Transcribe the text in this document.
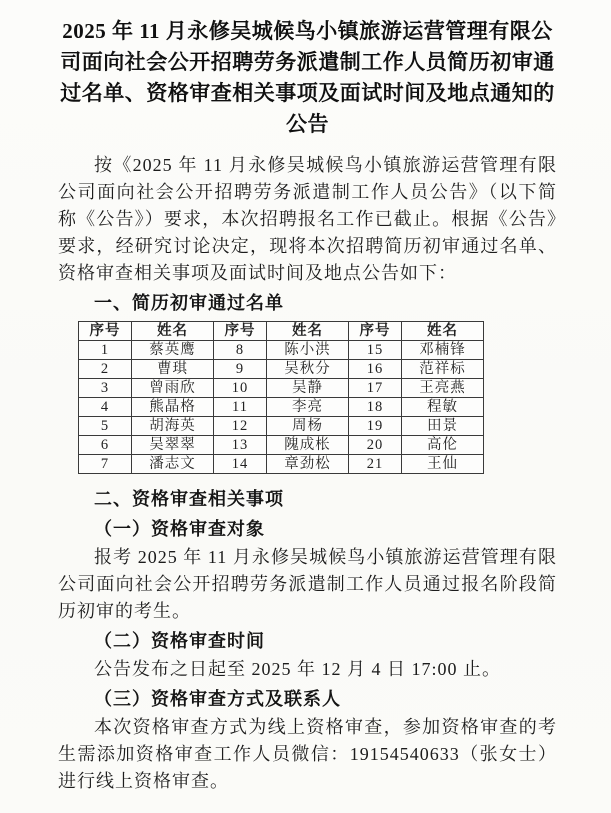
2025 年 11 月永修吴城候鸟小镇旅游运营管理有限公司面向社会公开招聘劳务派遣制工作人员简历初审通过名单、资格审查相关事项及面试时间及地点通知的公告

按《2025 年 11 月永修吴城候鸟小镇旅游运营管理有限公司面向社会公开招聘劳务派遣制工作人员公告》（以下简称《公告》）要求，本次招聘报名工作已截止。根据《公告》要求，经研究讨论决定，现将本次招聘简历初审通过名单、资格审查相关事项及面试时间及地点公告如下：

一、简历初审通过名单
序号	姓名	序号	姓名	序号	姓名
1	蔡英鹰	8	陈小洪	15	邓楠锋
2	曹琪	9	吴秋分	16	范祥标
3	曾雨欣	10	吴静	17	王亮燕
4	熊晶格	11	李亮	18	程敏
5	胡海英	12	周杨	19	田景
6	吴翠翠	13	隗成枨	20	高伦
7	潘志文	14	章劲松	21	王仙
二、资格审查相关事项
（一）资格审查对象

报考 2025 年 11 月永修吴城候鸟小镇旅游运营管理有限公司面向社会公开招聘劳务派遣制工作人员通过报名阶段简历初审的考生。

（二）资格审查时间

公告发布之日起至 2025 年 12 月 4 日 17:00 止。

（三）资格审查方式及联系人

本次资格审查方式为线上资格审查，参加资格审查的考生需添加资格审查工作人员微信：19154540633（张女士）进行线上资格审查。
